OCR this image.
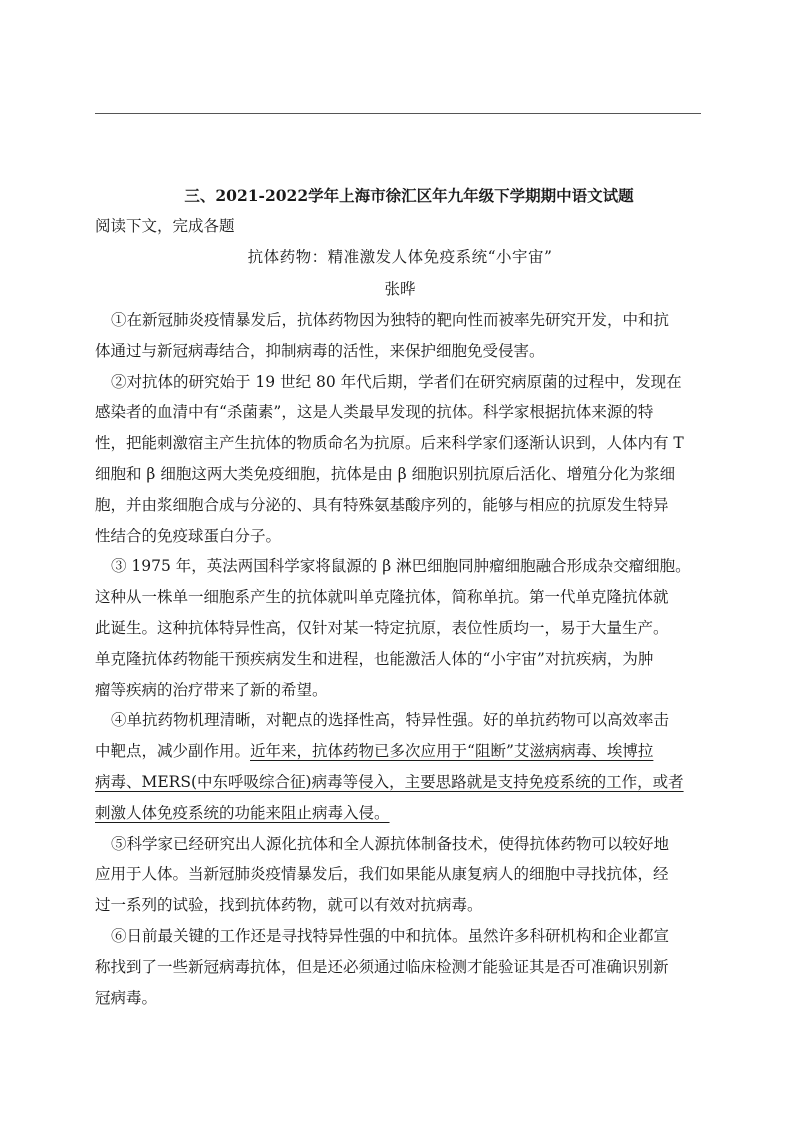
三、2021-2022学年上海市徐汇区年九年级下学期期中语文试题
阅读下文，完成各题
抗体药物：精准激发人体免疫系统“小宇宙”
张晔
①在新冠肺炎疫情暴发后，抗体药物因为独特的靶向性而被率先研究开发，中和抗
体通过与新冠病毒结合，抑制病毒的活性，来保护细胞免受侵害。
②对抗体的研究始于 19 世纪 80 年代后期，学者们在研究病原菌的过程中，发现在
感染者的血清中有“杀菌素”，这是人类最早发现的抗体。科学家根据抗体来源的特
性，把能刺激宿主产生抗体的物质命名为抗原。后来科学家们逐渐认识到，人体内有 T
细胞和 β 细胞这两大类免疫细胞，抗体是由 β 细胞识别抗原后活化、增殖分化为浆细
胞，并由浆细胞合成与分泌的、具有特殊氨基酸序列的，能够与相应的抗原发生特异
性结合的免疫球蛋白分子。
③ 1975 年，英法两国科学家将鼠源的 β 淋巴细胞同肿瘤细胞融合形成杂交瘤细胞。
这种从一株单一细胞系产生的抗体就叫单克隆抗体，简称单抗。第一代单克隆抗体就
此诞生。这种抗体特异性高，仅针对某一特定抗原，表位性质均一，易于大量生产。
单克隆抗体药物能干预疾病发生和进程，也能激活人体的“小宇宙”对抗疾病，为肿
瘤等疾病的治疗带来了新的希望。
④单抗药物机理清晰，对靶点的选择性高，特异性强。好的单抗药物可以高效率击
中靶点，减少副作用。近年来，抗体药物已多次应用于“阻断”艾滋病病毒、埃博拉
病毒、MERS(中东呼吸综合征)病毒等侵入，主要思路就是支持免疫系统的工作，或者
刺激人体免疫系统的功能来阻止病毒入侵。
⑤科学家已经研究出人源化抗体和全人源抗体制备技术，使得抗体药物可以较好地
应用于人体。当新冠肺炎疫情暴发后，我们如果能从康复病人的细胞中寻找抗体，经
过一系列的试验，找到抗体药物，就可以有效对抗病毒。
⑥日前最关键的工作还是寻找特异性强的中和抗体。虽然许多科研机构和企业都宣
称找到了一些新冠病毒抗体，但是还必须通过临床检测才能验证其是否可准确识别新
冠病毒。
